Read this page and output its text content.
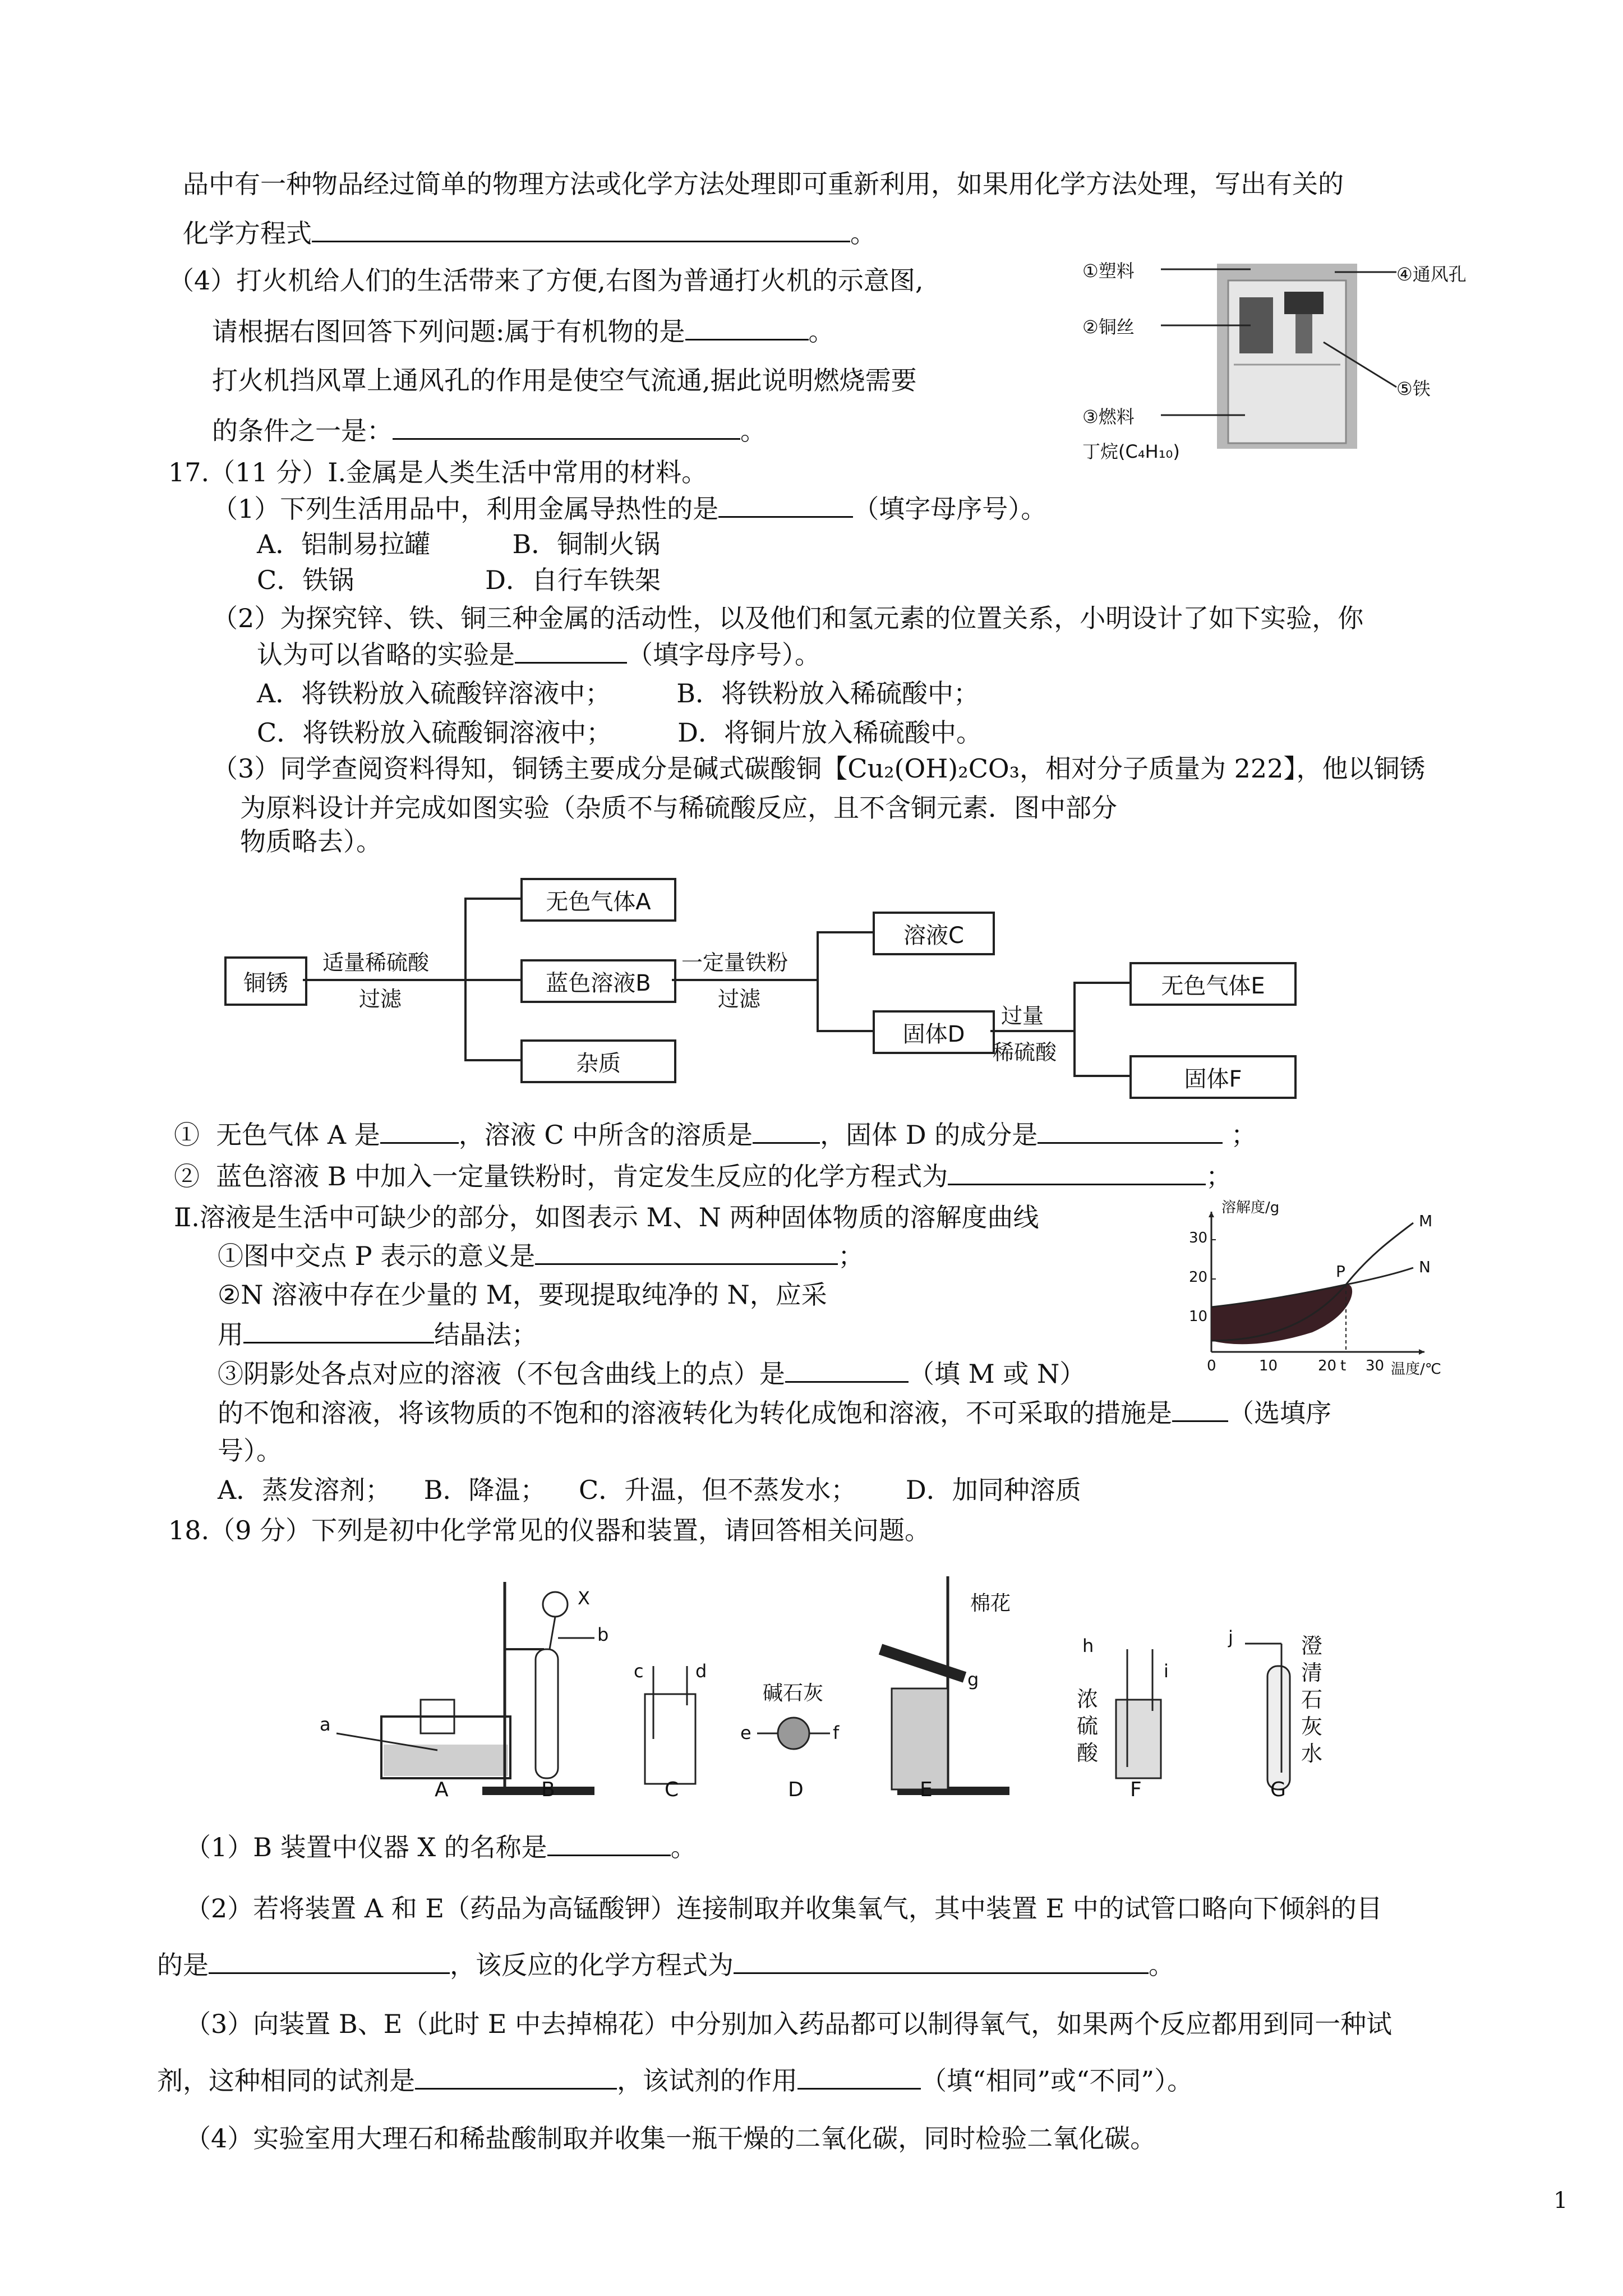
品中有一种物品经过简单的物理方法或化学方法处理即可重新利用，如果用化学方法处理，写出有关的
化学方程式	。
（4）打火机给人们的生活带来了方便,右图为普通打火机的示意图,
请根据右图回答下列问题:属于有机物的是	。
打火机挡风罩上通风孔的作用是使空气流通,据此说明燃烧需要
的条件之一是：	。
①塑料
②铜丝
③燃料
④通风孔
⑤铁
丁烷(C₄H₁₀)
17.（11 分）Ⅰ.金属是人类生活中常用的材料。
（1）下列生活用品中，利用金属导热性的是	（填字母序号）。
A．铝制易拉罐          B．铜制火锅
C．铁锅                D．自行车铁架
（2）为探究锌、铁、铜三种金属的活动性，以及他们和氢元素的位置关系，小明设计了如下实验，你
认为可以省略的实验是	（填字母序号）。
A．将铁粉放入硫酸锌溶液中；        B．将铁粉放入稀硫酸中；
C．将铁粉放入硫酸铜溶液中；        D．将铜片放入稀硫酸中。
（3）同学查阅资料得知，铜锈主要成分是碱式碳酸铜【Cu₂(OH)₂CO₃，相对分子质量为 222】，他以铜锈
为原料设计并完成如图实验（杂质不与稀硫酸反应，且不含铜元素．图中部分
物质略去）。
铜锈
适量稀硫酸
过滤
无色气体A
蓝色溶液B
杂质
一定量铁粉
过滤
溶液C
固体D
过量
稀硫酸
无色气体E
固体F
①  无色气体 A 是	，溶液 C 中所含的溶质是	，固体 D 的成分是	；
②  蓝色溶液 B 中加入一定量铁粉时，肯定发生反应的化学方程式为	；
Ⅱ.溶液是生活中可缺少的部分，如图表示 M、N 两种固体物质的溶解度曲线
①图中交点 P 表示的意义是	；
②N 溶液中存在少量的 M，要现提取纯净的 N，应采
用	结晶法；
③阴影处各点对应的溶液（不包含曲线上的点）是	（填 M 或 N）
的不饱和溶液，将该物质的不饱和的溶液转化为转化成饱和溶液，不可采取的措施是 （选填序
号）。
A．蒸发溶剂；    B．降温；    C．升温，但不蒸发水；      D．加同种溶质
溶解度/g
温度/℃
30
20
10
0	10	20 t 30
M
N
P
18.（9 分）下列是初中化学常见的仪器和装置，请回答相关问题。
A	B	C	D	E	F	G
a
b
c	d
e	f
g
h
i
j
X
碱石灰
棉花
浓硫酸
澄清石灰水
（1）B 装置中仪器 X 的名称是	。
（2）若将装置 A 和 E（药品为高锰酸钾）连接制取并收集氧气，其中装置 E 中的试管口略向下倾斜的目
的是	，该反应的化学方程式为	。
（3）向装置 B、E（此时 E 中去掉棉花）中分别加入药品都可以制得氧气，如果两个反应都用到同一种试
剂，这种相同的试剂是	，该试剂的作用	（填“相同”或“不同”）。
（4）实验室用大理石和稀盐酸制取并收集一瓶干燥的二氧化碳，同时检验二氧化碳。
1
